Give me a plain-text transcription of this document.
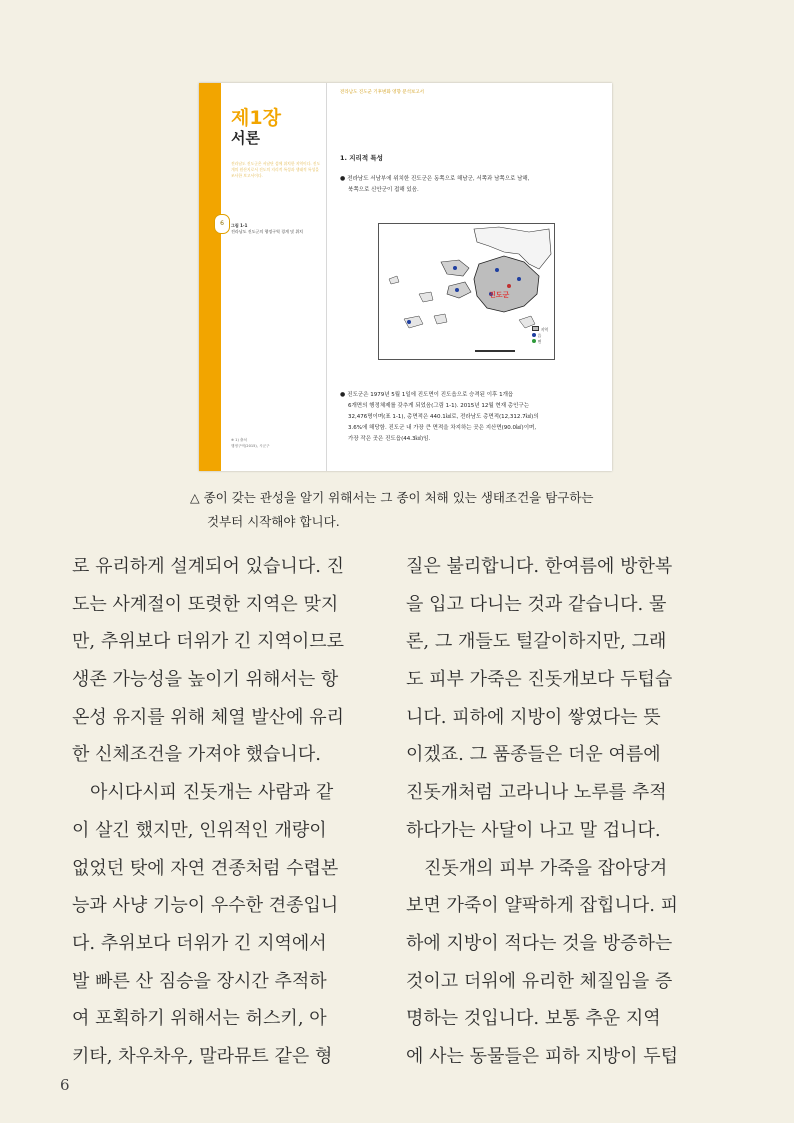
6
제1장
서론
전라남도 진도군은 서남단 섬에 위치한 지역이다. 진도개의 원산지로서 진도의 지리적 특성과 생태적 특성을 조사한 보고서이다.
그림 1-1
전라남도 진도군의 행정구역 경계 및 위치
※ 1) 출처
행정구역(2015), 시군구
전라남도 진도군 기후변화 영향 분석보고서
1. 지리적 특성
● 전라남도 서남부에 위치한 진도군은 동쪽으로 해남군, 서쪽과 남쪽으로 남해,
북쪽으로 신안군이 접해 있음.
진도군
지역
읍
면
● 진도군은 1979년 5월 1일에 진도면이 진도읍으로 승격된 이후 1개읍
6개면의 행정체제를 갖추게 되었음(그림 1-1). 2015년 12월 현재 총인구는
32,476명이며(표 1-1), 총면적은 440.1㎢로, 전라남도 총면적(12,312.7㎢)의
3.6%에 해당함. 진도군 내 가장 큰 면적을 차지하는 곳은 지산면(90.0㎢)이며,
가장 작은 곳은 진도읍(44.3㎢)임.

△ 종이 갖는 관성을 알기 위해서는 그 종이 처해 있는 생태조건을 탐구하는
것부터 시작해야 합니다.

로 유리하게 설계되어 있습니다. 진
도는 사계절이 또렷한 지역은 맞지
만, 추위보다 더위가 긴 지역이므로
생존 가능성을 높이기 위해서는 항
온성 유지를 위해 체열 발산에 유리
한 신체조건을 가져야 했습니다.
　아시다시피 진돗개는 사람과 같
이 살긴 했지만, 인위적인 개량이
없었던 탓에 자연 견종처럼 수렵본
능과 사냥 기능이 우수한 견종입니
다. 추위보다 더위가 긴 지역에서
발 빠른 산 짐승을 장시간 추적하
여 포획하기 위해서는 허스키, 아
키타, 차우차우, 말라뮤트 같은 형
질은 불리합니다. 한여름에 방한복
을 입고 다니는 것과 같습니다. 물
론, 그 개들도 털갈이하지만, 그래
도 피부 가죽은 진돗개보다 두텁습
니다. 피하에 지방이 쌓였다는 뜻
이겠죠. 그 품종들은 더운 여름에
진돗개처럼 고라니나 노루를 추적
하다가는 사달이 나고 말 겁니다.
　진돗개의 피부 가죽을 잡아당겨
보면 가죽이 얄팍하게 잡힙니다. 피
하에 지방이 적다는 것을 방증하는
것이고 더위에 유리한 체질임을 증
명하는 것입니다. 보통 추운 지역
에 사는 동물들은 피하 지방이 두텁
6
